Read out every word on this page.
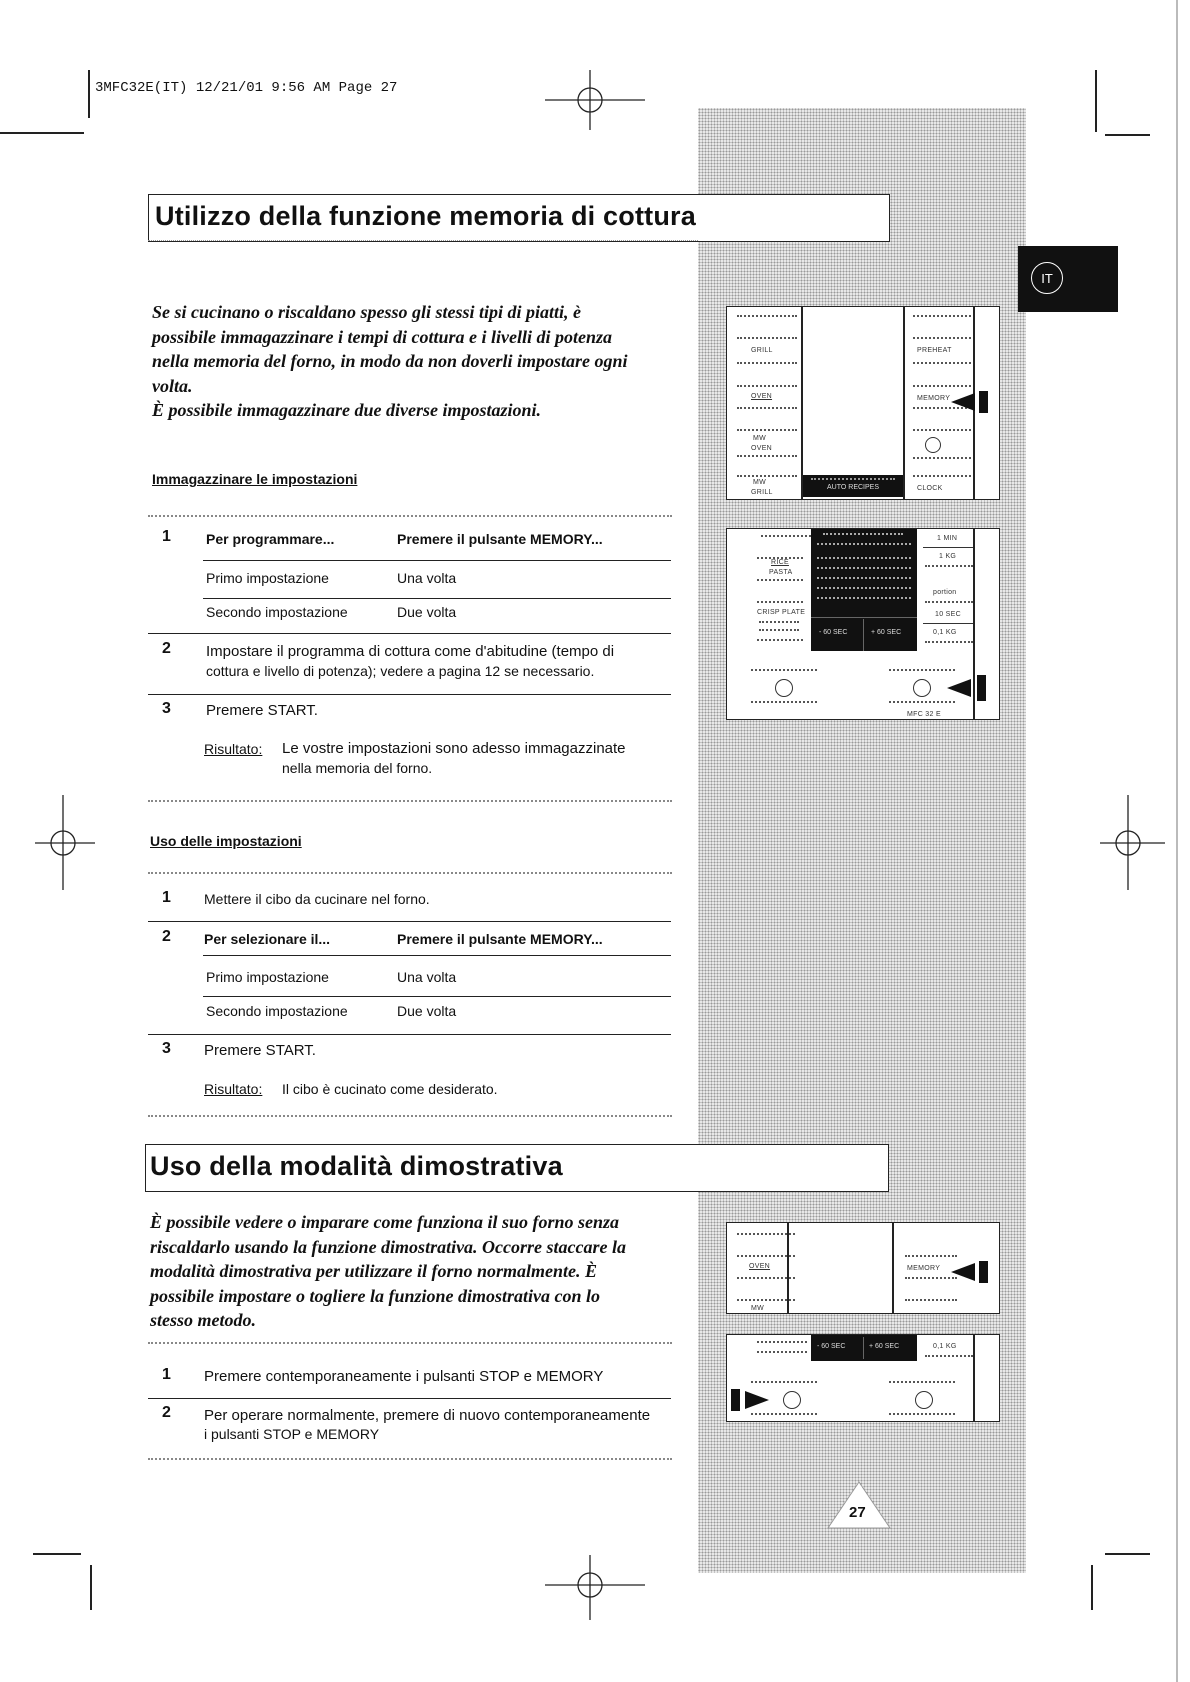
3MFC32E(IT) 12/21/01 9:56 AM Page 27
IT
Utilizzo della funzione memoria di cottura
Se si cucinano o riscaldano spesso gli stessi tipi di piatti, è
possibile immagazzinare i tempi di cottura e i livelli di potenza
nella memoria del forno, in modo da non doverli impostare ogni
volta.
È possibile immagazzinare due diverse impostazioni.
Immagazzinare le impostazioni
1	Per programmare...	Premere il pulsante MEMORY...
Primo impostazione	Una volta
Secondo impostazione	Due volta
2 Impostare il programma di cottura come d'abitudine (tempo di
cottura e livello di potenza); vedere a pagina 12 se necessario.
3 Premere START.
Risultato: Le vostre impostazioni sono adesso immagazzinate
nella memoria del forno.
Uso delle impostazioni
1 Mettere il cibo da cucinare nel forno.
2 Per selezionare il...	Premere il pulsante MEMORY...
Primo impostazione	Una volta
Secondo impostazione	Due volta
3 Premere START.
Risultato: Il cibo è cucinato come desiderato.
Uso della modalità dimostrativa
È possibile vedere o imparare come funziona il suo forno senza
riscaldarlo usando la funzione dimostrativa. Occorre staccare la
modalità dimostrativa per utilizzare il forno normalmente. È
possibile impostare o togliere la funzione dimostrativa con lo
stesso metodo.
1 Premere contemporaneamente i pulsanti STOP e MEMORY
2 Per operare normalmente, premere di nuovo contemporaneamente
i pulsanti STOP e MEMORY
GRILL
OVEN
MW
OVEN
MW
GRILL
AUTO RECIPES
PREHEAT
MEMORY
CLOCK
RICE
PASTA
CRISP PLATE
- 60 SEC	+ 60 SEC
1 MIN
1 KG
portion
10 SEC
0,1 KG
MFC 32 E
OVEN
MW
MEMORY
- 60 SEC	+ 60 SEC	0,1 KG
27
